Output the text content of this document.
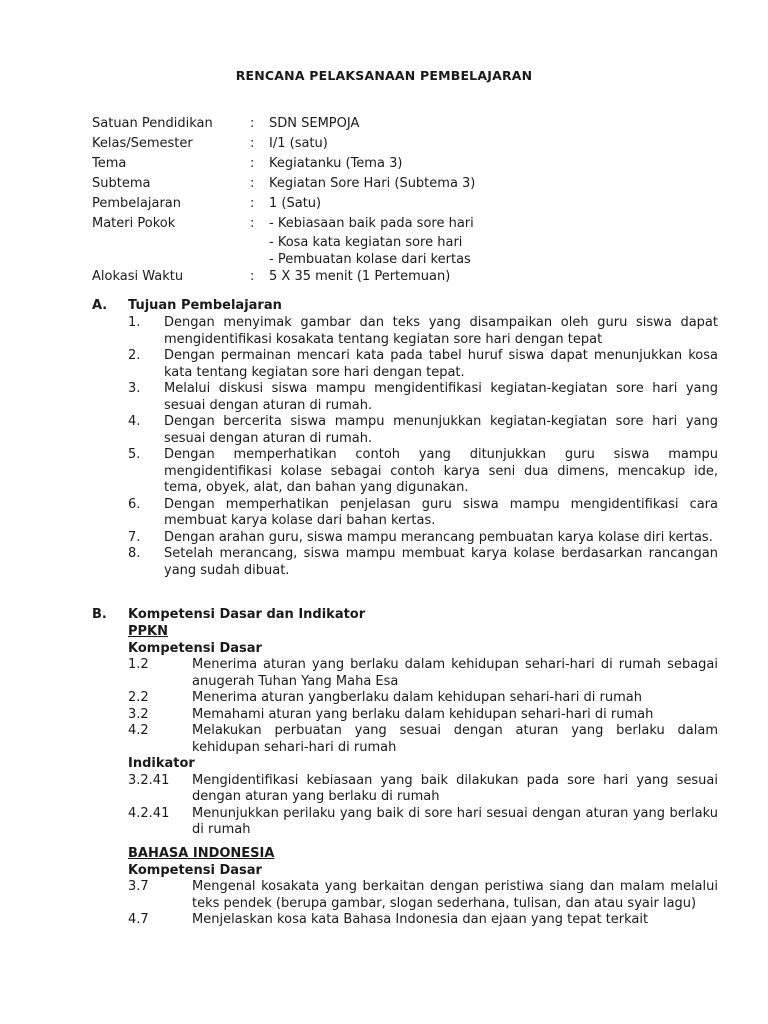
RENCANA PELAKSANAAN PEMBELAJARAN
Satuan Pendidikan	: SDN SEMPOJA
Kelas/Semester	: I/1 (satu)
Tema	: Kegiatanku (Tema 3)
Subtema	: Kegiatan Sore Hari (Subtema 3)
Pembelajaran	: 1 (Satu)
Materi Pokok	: - Kebiasaan baik pada sore hari
- Kosa kata kegiatan sore hari
- Pembuatan kolase dari kertas
Alokasi Waktu	: 5 X 35 menit (1 Pertemuan)
A. Tujuan Pembelajaran
1. Dengan menyimak gambar dan teks yang disampaikan oleh guru siswa dapat mengidentifikasi kosakata tentang kegiatan sore hari dengan tepat
2. Dengan permainan mencari kata pada tabel huruf siswa dapat menunjukkan kosa kata tentang kegiatan sore hari dengan tepat.
3. Melalui diskusi siswa mampu mengidentifikasi kegiatan-kegiatan sore hari yang sesuai dengan aturan di rumah.
4. Dengan bercerita siswa mampu menunjukkan kegiatan-kegiatan sore hari yang sesuai dengan aturan di rumah.
5. Dengan memperhatikan contoh yang ditunjukkan guru siswa mampu mengidentifikasi kolase sebagai contoh karya seni dua dimens, mencakup ide, tema, obyek, alat, dan bahan yang digunakan.
6. Dengan memperhatikan penjelasan guru siswa mampu mengidentifikasi cara membuat karya kolase dari bahan kertas.
7. Dengan arahan guru, siswa mampu merancang pembuatan karya kolase diri kertas.
8. Setelah merancang, siswa mampu membuat karya kolase berdasarkan rancangan yang sudah dibuat.
B. Kompetensi Dasar dan Indikator
PPKN
Kompetensi Dasar
1.2	Menerima aturan yang berlaku dalam kehidupan sehari-hari di rumah sebagai anugerah Tuhan Yang Maha Esa
2.2	Menerima aturan yangberlaku dalam kehidupan sehari-hari di rumah
3.2	Memahami aturan yang berlaku dalam kehidupan sehari-hari di rumah
4.2	Melakukan perbuatan yang sesuai dengan aturan yang berlaku dalam kehidupan sehari-hari di rumah
Indikator
3.2.41 Mengidentifikasi kebiasaan yang baik dilakukan pada sore hari yang sesuai dengan aturan yang berlaku di rumah
4.2.41 Menunjukkan perilaku yang baik di sore hari sesuai dengan aturan yang berlaku di rumah
BAHASA INDONESIA
Kompetensi Dasar
3.7	Mengenal kosakata yang berkaitan dengan peristiwa siang dan malam melalui teks pendek (berupa gambar, slogan sederhana, tulisan, dan atau syair lagu)
4.7	Menjelaskan kosa kata Bahasa Indonesia dan ejaan yang tepat terkait
